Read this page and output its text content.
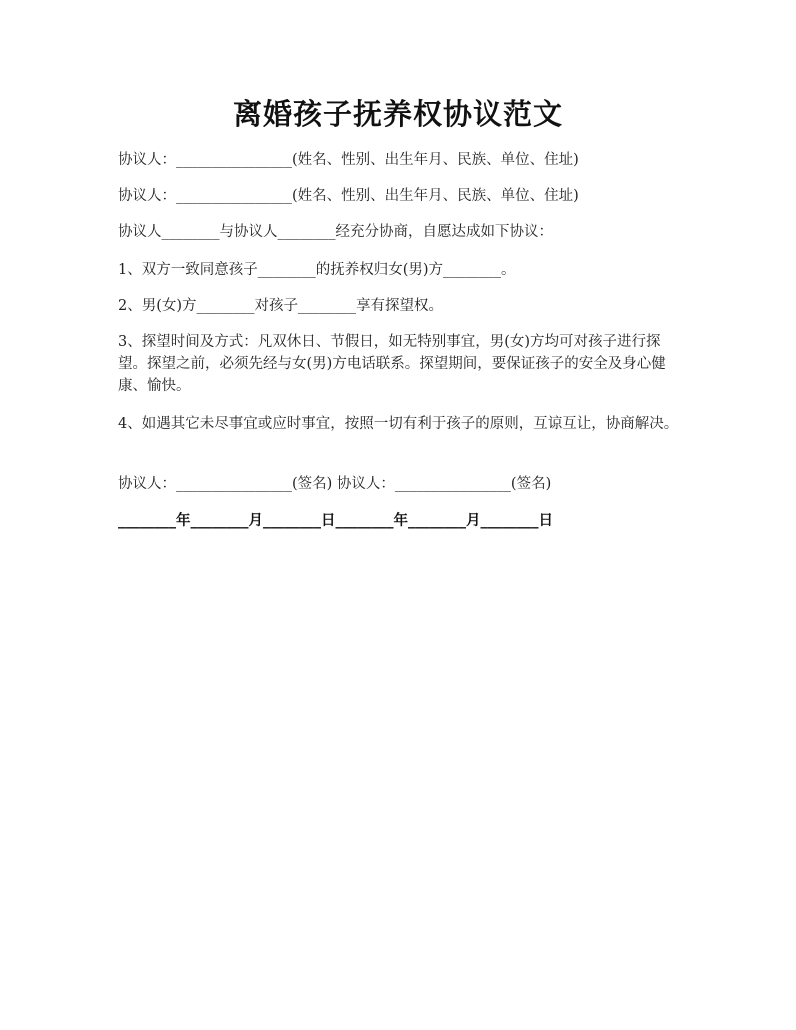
离婚孩子抚养权协议范文
协议人：________________(姓名、性别、出生年月、民族、单位、住址)
协议人：________________(姓名、性别、出生年月、民族、单位、住址)
协议人________与协议人________经充分协商，自愿达成如下协议：
1、双方一致同意孩子________的抚养权归女(男)方________。
2、男(女)方________对孩子________享有探望权。
3、探望时间及方式：凡双休日、节假日，如无特别事宜，男(女)方均可对孩子进行探望。探望之前，必须先经与女(男)方电话联系。探望期间，要保证孩子的安全及身心健康、愉快。
4、如遇其它未尽事宜或应时事宜，按照一切有利于孩子的原则，互谅互让，协商解决。
协议人：________________(签名) 协议人：________________(签名)
________年________月________日________年________月________日
